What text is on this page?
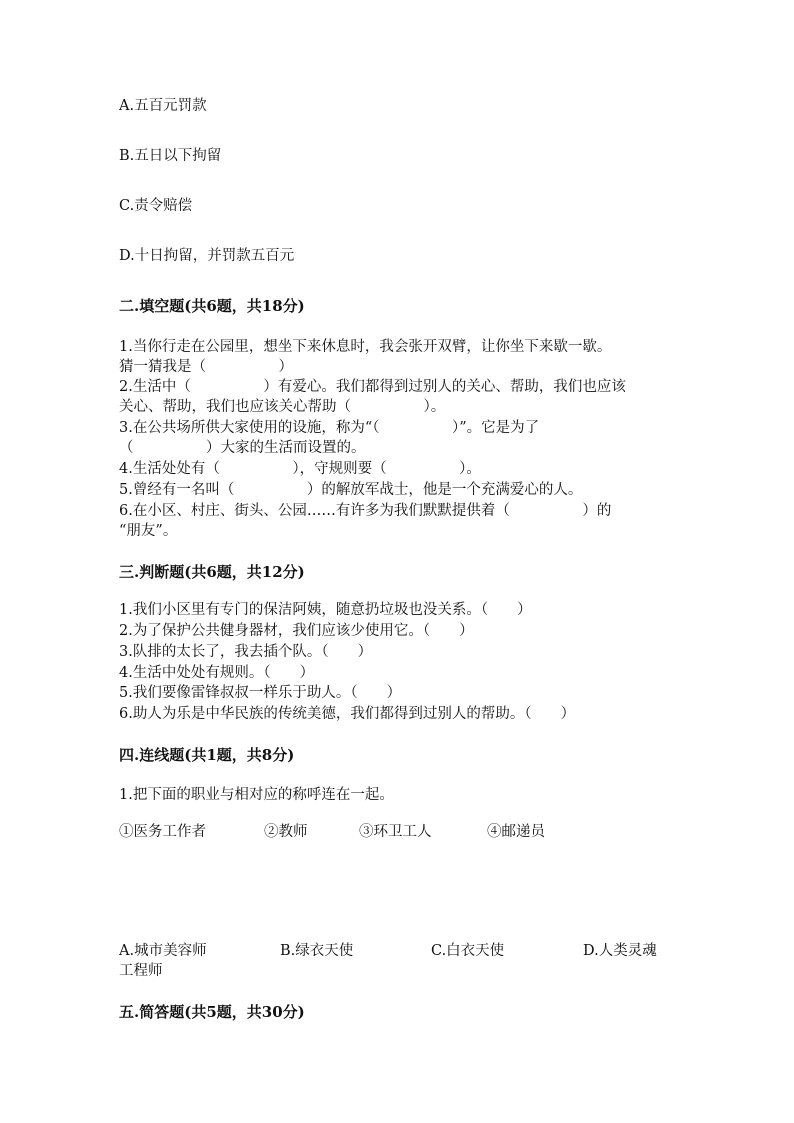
A.五百元罚款
B.五日以下拘留
C.责令赔偿
D.十日拘留，并罚款五百元
二.填空题(共6题，共18分)
1.当你行走在公园里，想坐下来休息时，我会张开双臂，让你坐下来歇一歇。
猜一猜我是（　　　　　）
2.生活中（　　　　　）有爱心。我们都得到过别人的关心、帮助，我们也应该
关心、帮助，我们也应该关心帮助（　　　　　）。
3.在公共场所供大家使用的设施，称为“（　　　　　）”。它是为了
（　　　　　）大家的生活而设置的。
4.生活处处有（　　　　　），守规则要（　　　　　）。
5.曾经有一名叫（　　　　　）的解放军战士，他是一个充满爱心的人。
6.在小区、村庄、街头、公园……有许多为我们默默提供着（　　　　　）的
“朋友”。
三.判断题(共6题，共12分)
1.我们小区里有专门的保洁阿姨，随意扔垃圾也没关系。（　　）
2.为了保护公共健身器材，我们应该少使用它。（　　）
3.队排的太长了，我去插个队。（　　）
4.生活中处处有规则。（　　）
5.我们要像雷锋叔叔一样乐于助人。（　　）
6.助人为乐是中华民族的传统美德，我们都得到过别人的帮助。（　　）
四.连线题(共1题，共8分)
1.把下面的职业与相对应的称呼连在一起。
①医务工作者	②教师	③环卫工人	④邮递员
A.城市美容师	B.绿衣天使	C.白衣天使	D.人类灵魂
工程师
五.简答题(共5题，共30分)
